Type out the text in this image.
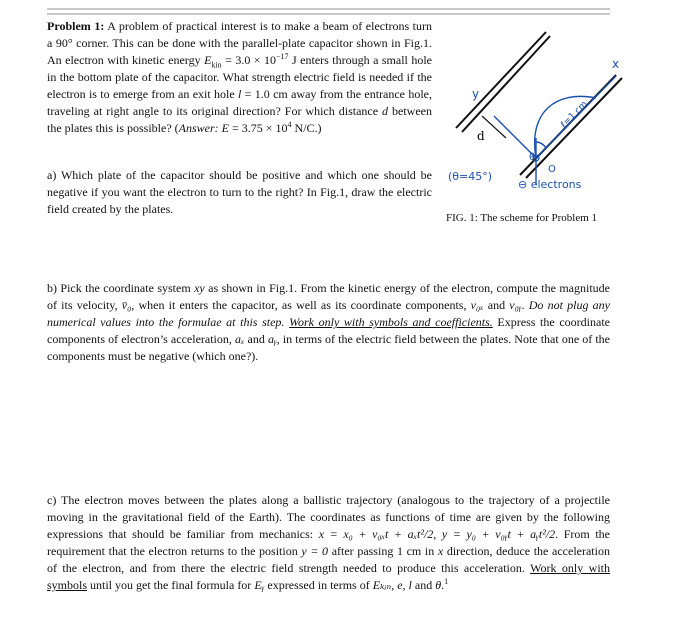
Problem 1: A problem of practical interest is to make a beam of electrons turn a 90° corner. This can be done with the parallel-plate capacitor shown in Fig.1. An electron with kinetic energy $E_{kin} = 3.0 \times 10^{-17}$ J enters through a small hole in the bottom plate of the capacitor. What strength electric field is needed if the electron is to emerge from an exit hole l = 1.0 cm away from the entrance hole, traveling at right angle to its original direction? For which distance d between the plates this is possible? (Answer: $E = 3.75 \times 10^4$ N/C.)

a) Which plate of the capacitor should be positive and which one should be negative if you want the electron to turn to the right? In Fig.1, draw the electric field created by the plates.

y
x
d
ℓ=1 cm
θ
O
(θ=45°)
⊖ electrons
FIG. 1: The scheme for Problem 1

b) Pick the coordinate system xy as shown in Fig.1. From the kinetic energy of the electron, compute the magnitude of its velocity, v̄₀, when it enters the capacitor, as well as its coordinate components, v₀ₓ and v₀ᵧ. Do not plug any numerical values into the formulae at this step. Work only with symbols and coefficients. Express the coordinate components of electron’s acceleration, aₓ and aᵧ, in terms of the electric field between the plates. Note that one of the components must be negative (which one?).

c) The electron moves between the plates along a ballistic trajectory (analogous to the trajectory of a projectile moving in the gravitational field of the Earth). The coordinates as functions of time are given by the following expressions that should be familiar from mechanics: x = x₀ + v₀ₓt + aₓt²/2, y = y₀ + v₀ᵧt + aᵧt²/2. From the requirement that the electron returns to the position y = 0 after passing 1 cm in x direction, deduce the acceleration of the electron, and from there the electric field strength needed to produce this acceleration. Work only with symbols until you get the final formula for Eᵧ expressed in terms of Eₖᵢₙ, e, l and θ.$^1$
